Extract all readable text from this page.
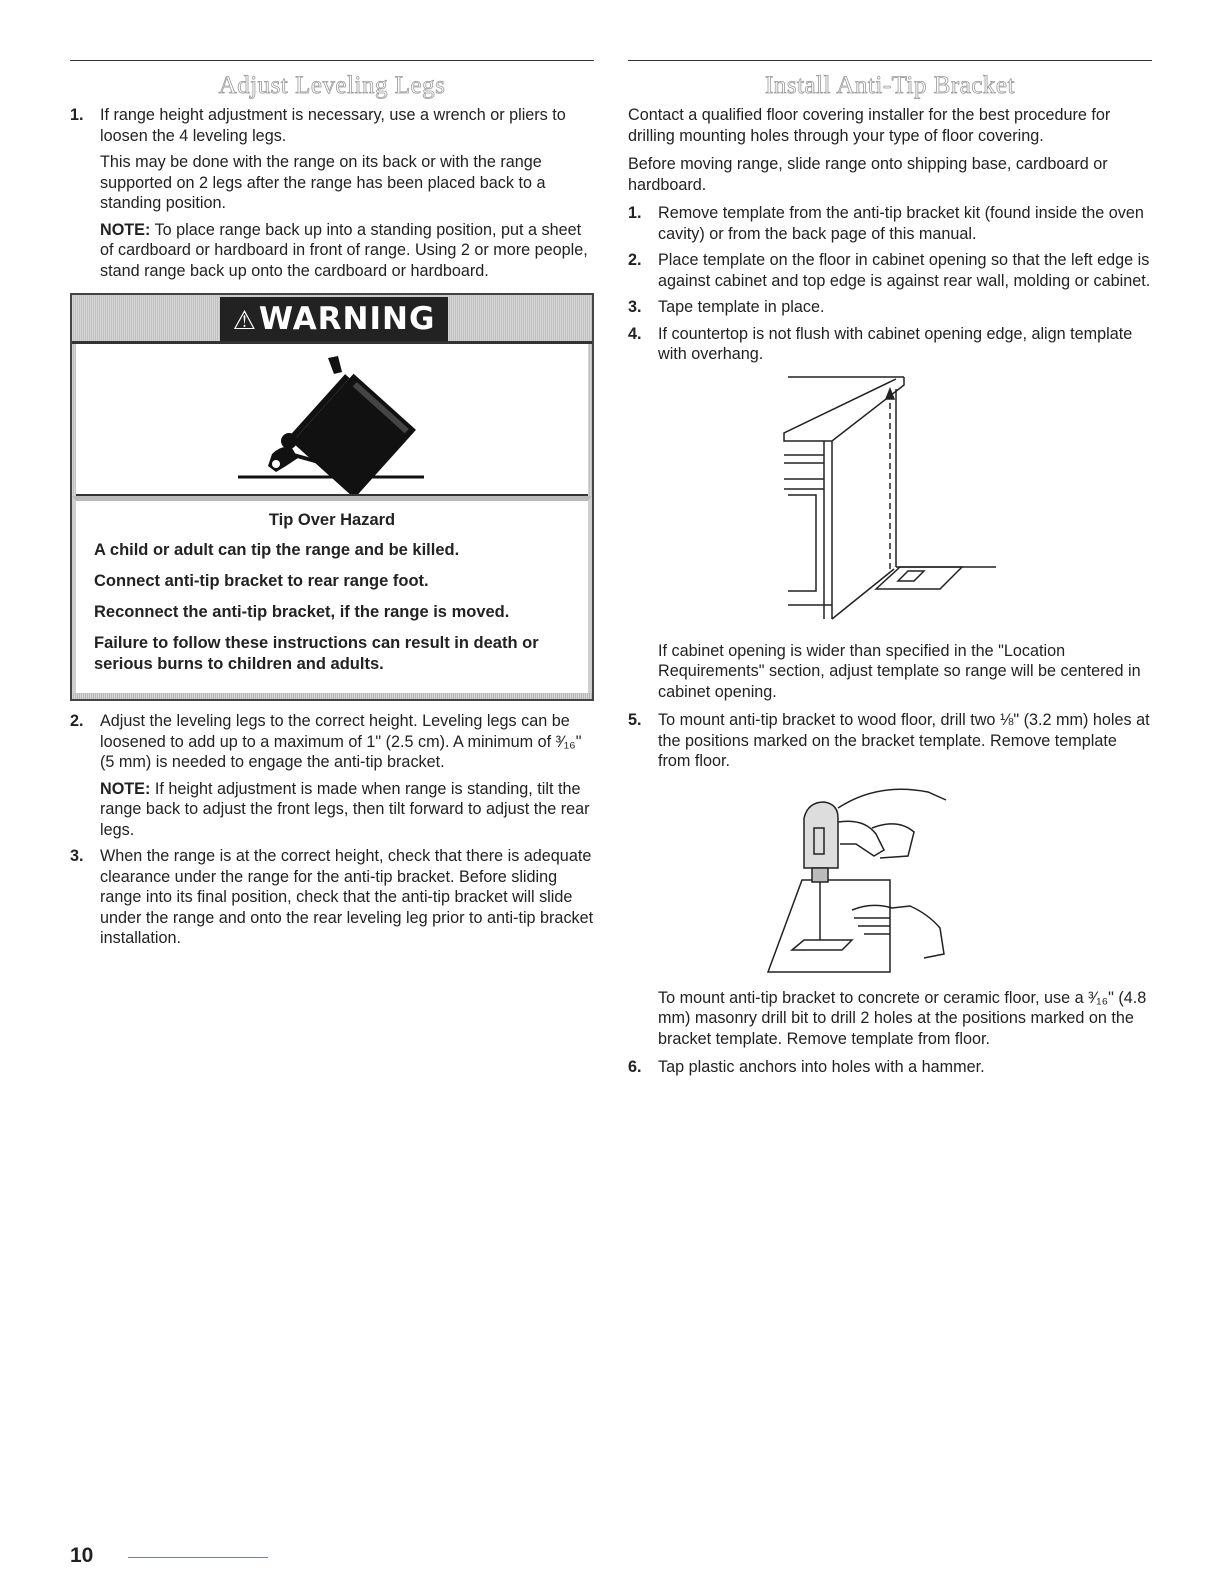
Adjust Leveling Legs
1. If range height adjustment is necessary, use a wrench or pliers to loosen the 4 leveling legs.

This may be done with the range on its back or with the range supported on 2 legs after the range has been placed back to a standing position.

NOTE: To place range back up into a standing position, put a sheet of cardboard or hardboard in front of range. Using 2 or more people, stand range back up onto the cardboard or hardboard.

⚠WARNING
Tip Over Hazard
A child or adult can tip the range and be killed.
Connect anti-tip bracket to rear range foot.
Reconnect the anti-tip bracket, if the range is moved.
Failure to follow these instructions can result in death or serious burns to children and adults.
2. Adjust the leveling legs to the correct height. Leveling legs can be loosened to add up to a maximum of 1" (2.5 cm). A minimum of ³⁄₁₆" (5 mm) is needed to engage the anti-tip bracket.

NOTE: If height adjustment is made when range is standing, tilt the range back to adjust the front legs, then tilt forward to adjust the rear legs.

3. When the range is at the correct height, check that there is adequate clearance under the range for the anti-tip bracket. Before sliding range into its final position, check that the anti-tip bracket will slide under the range and onto the rear leveling leg prior to anti-tip bracket installation.

Install Anti-Tip Bracket

Contact a qualified floor covering installer for the best procedure for drilling mounting holes through your type of floor covering.

Before moving range, slide range onto shipping base, cardboard or hardboard.

1. Remove template from the anti-tip bracket kit (found inside the oven cavity) or from the back page of this manual.

2. Place template on the floor in cabinet opening so that the left edge is against cabinet and top edge is against rear wall, molding or cabinet.

3. Tape template in place.

4. If countertop is not flush with cabinet opening edge, align template with overhang.

If cabinet opening is wider than specified in the "Location Requirements" section, adjust template so range will be centered in cabinet opening.

5. To mount anti-tip bracket to wood floor, drill two ⅛" (3.2 mm) holes at the positions marked on the bracket template. Remove template from floor.

To mount anti-tip bracket to concrete or ceramic floor, use a ³⁄₁₆" (4.8 mm) masonry drill bit to drill 2 holes at the positions marked on the bracket template. Remove template from floor.

6. Tap plastic anchors into holes with a hammer.

10
